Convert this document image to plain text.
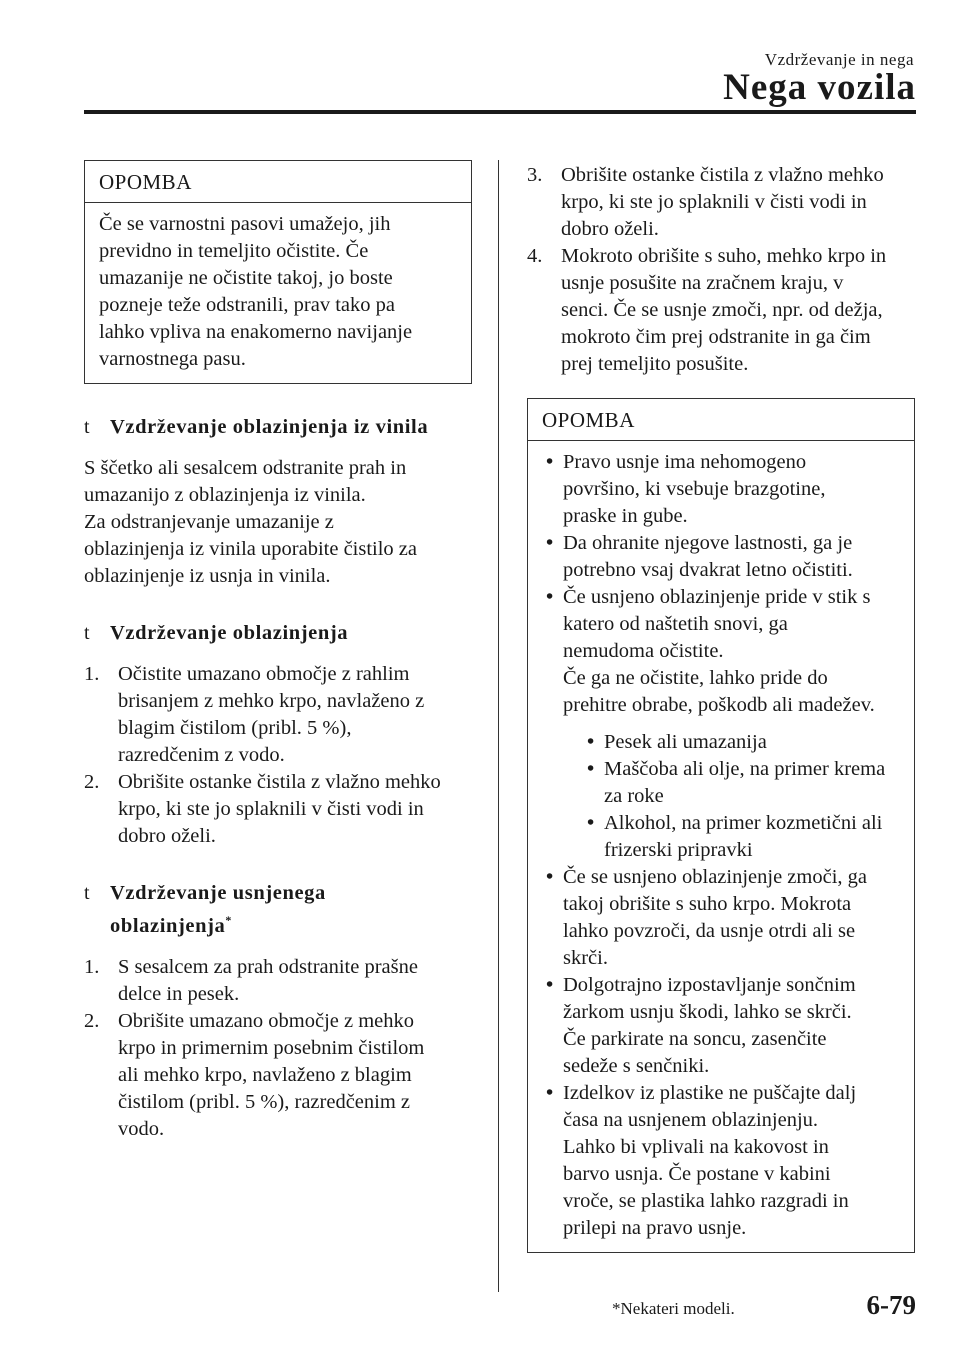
Vzdrževanje in nega
Nega vozila
OPOMBA

Če se varnostni pasovi umažejo, jih

previdno in temeljito očistite. Če

umazanije ne očistite takoj, jo boste

pozneje teže odstranili, prav tako pa

lahko vpliva na enakomerno navijanje

varnostnega pasu.

t Vzdrževanje oblazinjenja iz vinila

S ščetko ali sesalcem odstranite prah in

umazanijo z oblazinjenja iz vinila.

Za odstranjevanje umazanije z

oblazinjenja iz vinila uporabite čistilo za

oblazinjenje iz usnja in vinila.

t Vzdrževanje oblazinjenja
1. Očistite umazano območje z rahlim
brisanjem z mehko krpo, navlaženo z
blagim čistilom (pribl. 5 %),
razredčenim z vodo.
2. Obrišite ostanke čistila z vlažno mehko
krpo, ki ste jo splaknili v čisti vodi in
dobro oželi.
t Vzdrževanje usnjenega
oblazinjenja*
1. S sesalcem za prah odstranite prašne
delce in pesek.
2. Obrišite umazano območje z mehko
krpo in primernim posebnim čistilom
ali mehko krpo, navlaženo z blagim
čistilom (pribl. 5 %), razredčenim z
vodo.
3. Obrišite ostanke čistila z vlažno mehko
krpo, ki ste jo splaknili v čisti vodi in
dobro oželi.
4. Mokroto obrišite s suho, mehko krpo in
usnje posušite na zračnem kraju, v
senci. Če se usnje zmoči, npr. od dežja,
mokroto čim prej odstranite in ga čim
prej temeljito posušite.
OPOMBA
• Pravo usnje ima nehomogeno
površino, ki vsebuje brazgotine,
praske in gube.
• Da ohranite njegove lastnosti, ga je
potrebno vsaj dvakrat letno očistiti.
• Če usnjeno oblazinjenje pride v stik s
katero od naštetih snovi, ga
nemudoma očistite.
Če ga ne očistite, lahko pride do
prehitre obrabe, poškodb ali madežev.
• Pesek ali umazanija
• Maščoba ali olje, na primer krema
za roke
• Alkohol, na primer kozmetični ali
frizerski pripravki
• Če se usnjeno oblazinjenje zmoči, ga
takoj obrišite s suho krpo. Mokrota
lahko povzroči, da usnje otrdi ali se
skrči.
• Dolgotrajno izpostavljanje sončnim
žarkom usnju škodi, lahko se skrči.
Če parkirate na soncu, zasenčite
sedeže s senčniki.
• Izdelkov iz plastike ne puščajte dalj
časa na usnjenem oblazinjenju.
Lahko bi vplivali na kakovost in
barvo usnja. Če postane v kabini
vroče, se plastika lahko razgradi in
prilepi na pravo usnje.
*Nekateri modeli.	6-79
